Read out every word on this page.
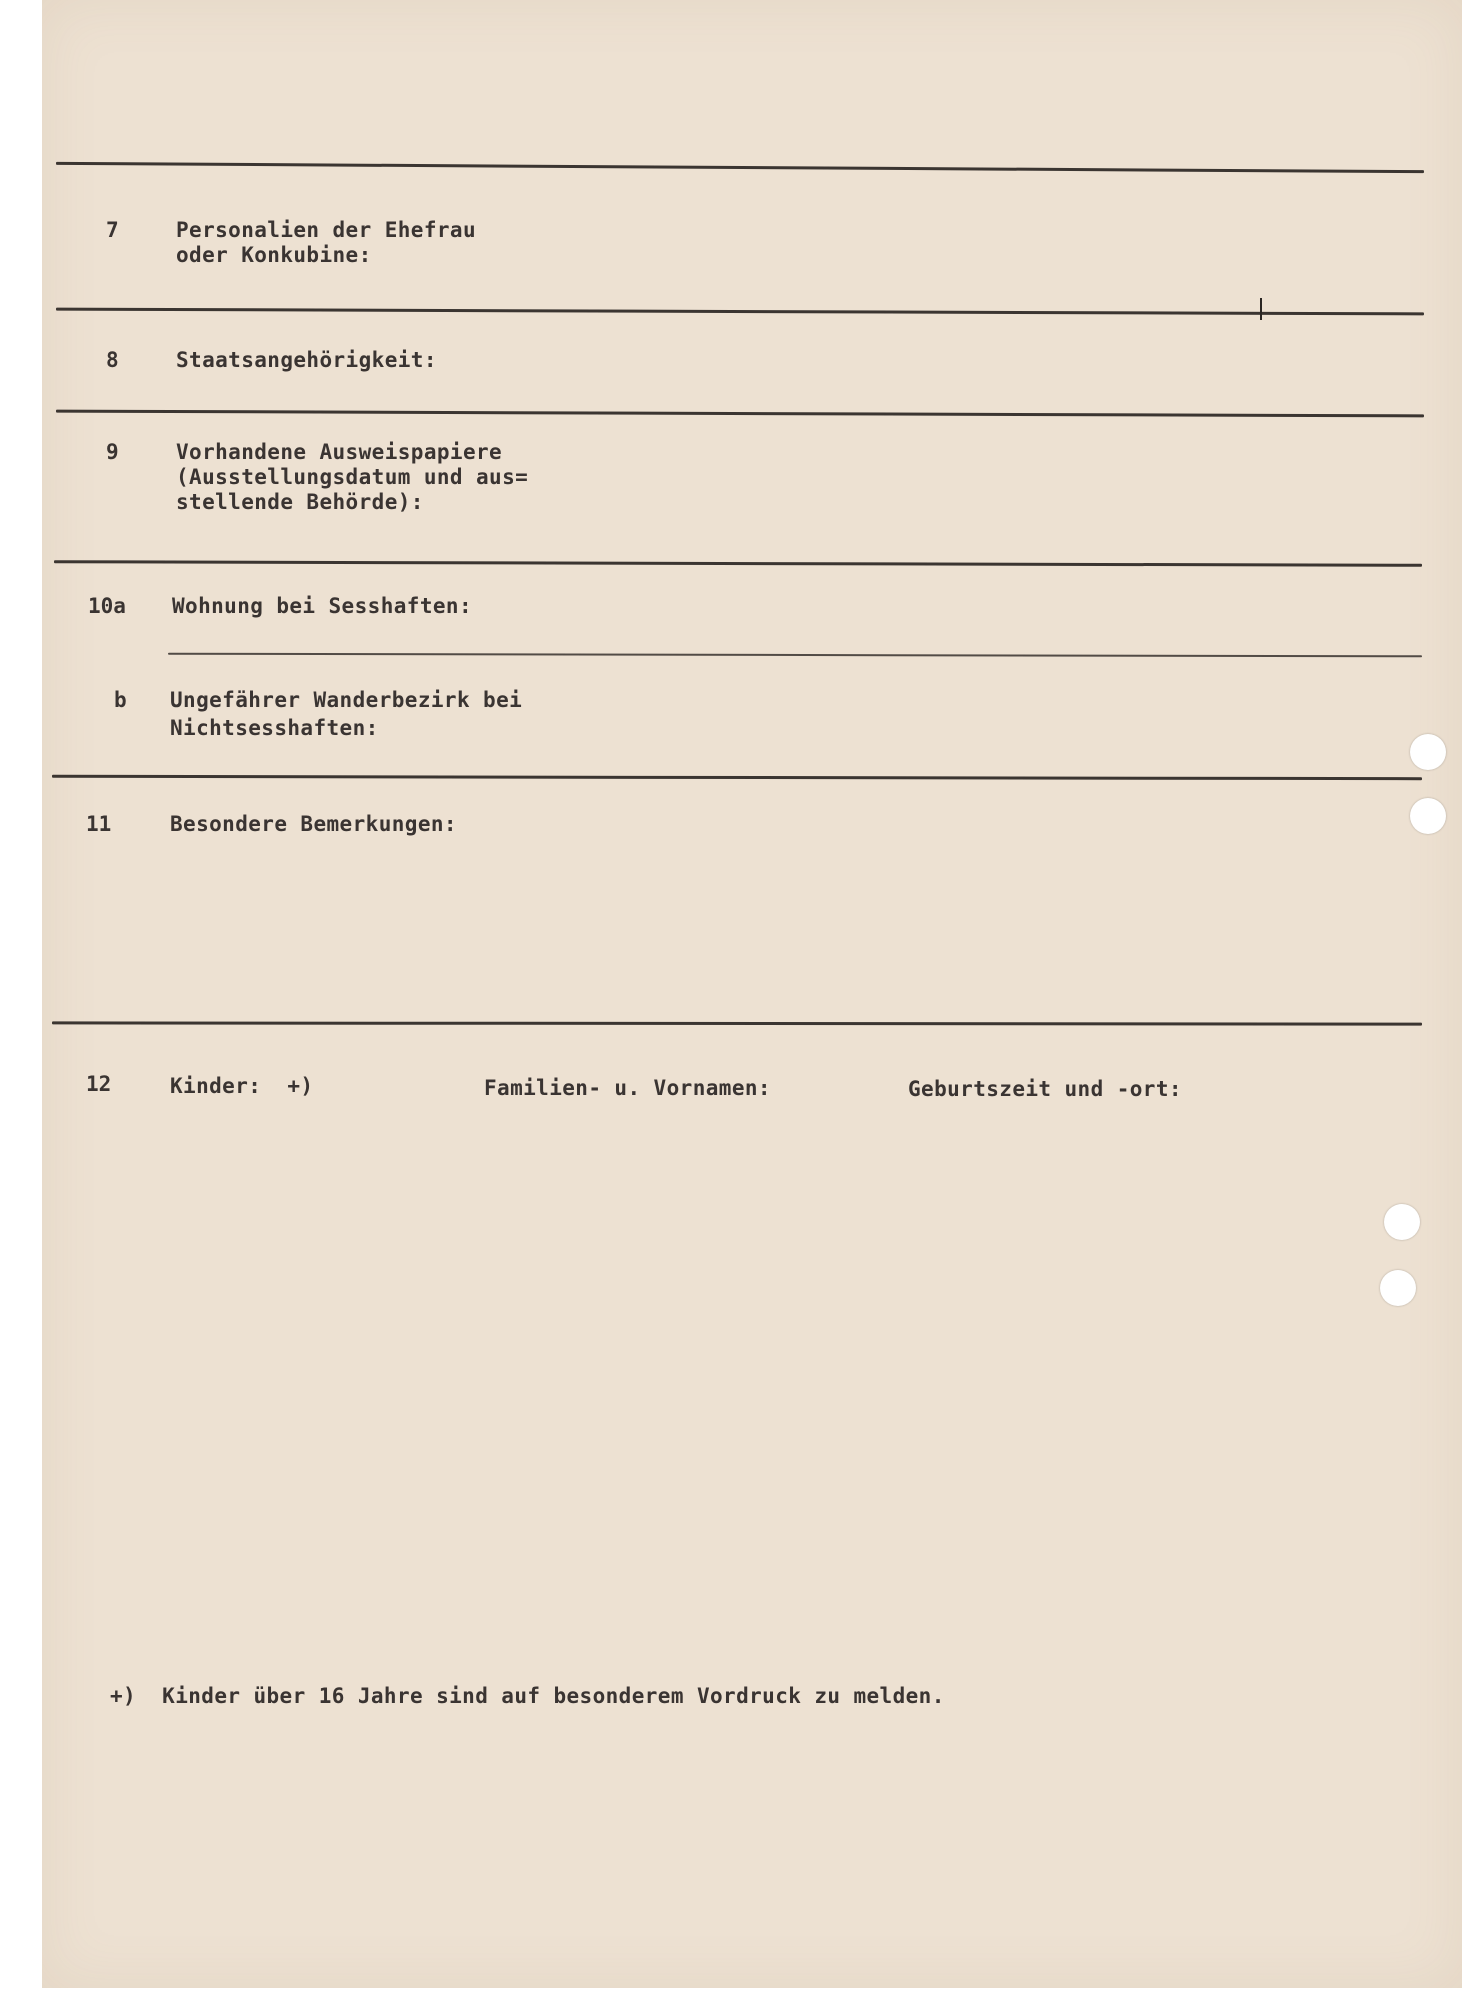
7	Personalien der Ehefrau
oder Konkubine:
8	Staatsangehörigkeit:
9	Vorhandene Ausweispapiere
(Ausstellungsdatum und aus=
stellende Behörde):
10a Wohnung bei Sesshaften:
b Ungefährer Wanderbezirk bei
Nichtsesshaften:
11	Besondere Bemerkungen:
12	Kinder:  +)	Familien- u. Vornamen:	Geburtszeit und -ort:
+)  Kinder über 16 Jahre sind auf besonderem Vordruck zu melden.
